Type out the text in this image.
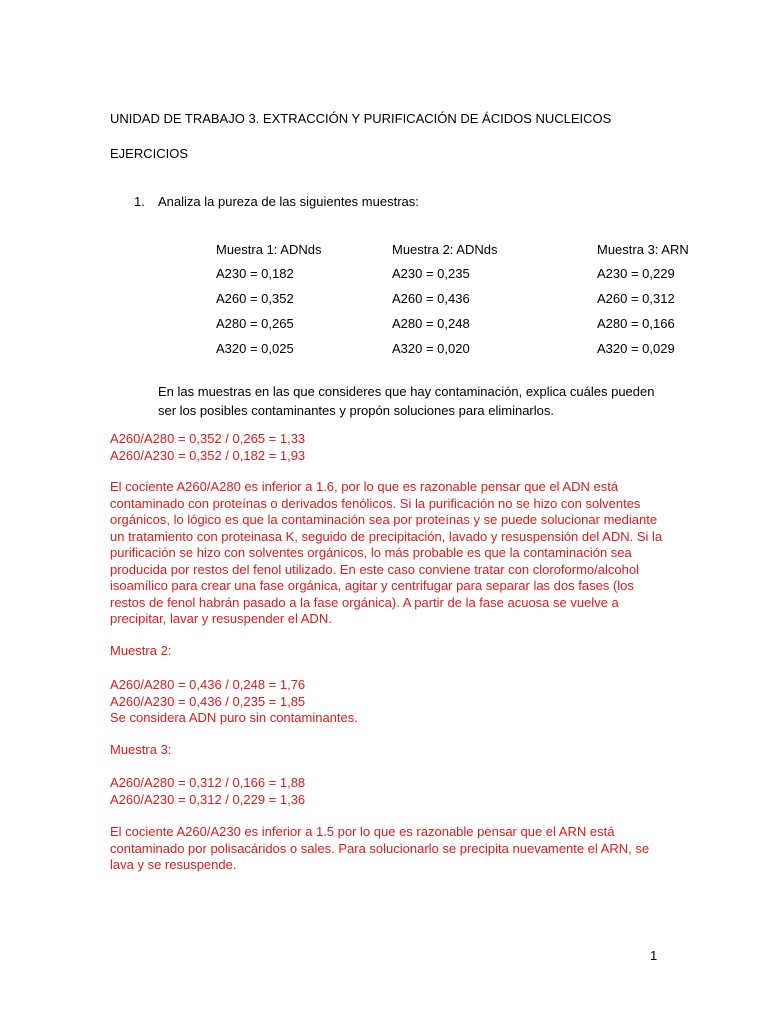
UNIDAD DE TRABAJO 3. EXTRACCIÓN Y PURIFICACIÓN DE ÁCIDOS NUCLEICOS
EJERCICIOS
1. Analiza la pureza de las siguientes muestras:
Muestra 1: ADNds
A230 = 0,182
A260 = 0,352
A280 = 0,265
A320 = 0,025
Muestra 2: ADNds
A230 = 0,235
A260 = 0,436
A280 = 0,248
A320 = 0,020
Muestra 3: ARN
A230 = 0,229
A260 = 0,312
A280 = 0,166
A320 = 0,029
En las muestras en las que consideres que hay contaminación, explica cuáles pueden ser los posibles contaminantes y propón soluciones para eliminarlos.
A260/A280 = 0,352 / 0,265 = 1,33
A260/A230 = 0,352 / 0,182 = 1,93
El cociente A260/A280 es inferior a 1.6, por lo que es razonable pensar que el ADN está contaminado con proteínas o derivados fenólicos. Si la purificación no se hizo con solventes orgánicos, lo lógico es que la contaminación sea por proteínas y se puede solucionar mediante un tratamiento con proteinasa K, seguido de precipitación, lavado y resuspensión del ADN. Si la purificación se hizo con solventes orgánicos, lo más probable es que la contaminación sea producida por restos del fenol utilizado. En este caso conviene tratar con cloroformo/alcohol isoamílico para crear una fase orgánica, agitar y centrifugar para separar las dos fases (los restos de fenol habrán pasado a la fase orgánica). A partir de la fase acuosa se vuelve a precipitar, lavar y resuspender el ADN.
Muestra 2:
A260/A280 = 0,436 / 0,248 = 1,76
A260/A230 = 0,436 / 0,235 = 1,85
Se considera ADN puro sin contaminantes.
Muestra 3:
A260/A280 = 0,312 / 0,166 = 1,88
A260/A230 = 0,312 / 0,229 = 1,36
El cociente A260/A230 es inferior a 1.5 por lo que es razonable pensar que el ARN está contaminado por polisacáridos o sales. Para solucionarlo se precipita nuevamente el ARN, se lava y se resuspende.
1
